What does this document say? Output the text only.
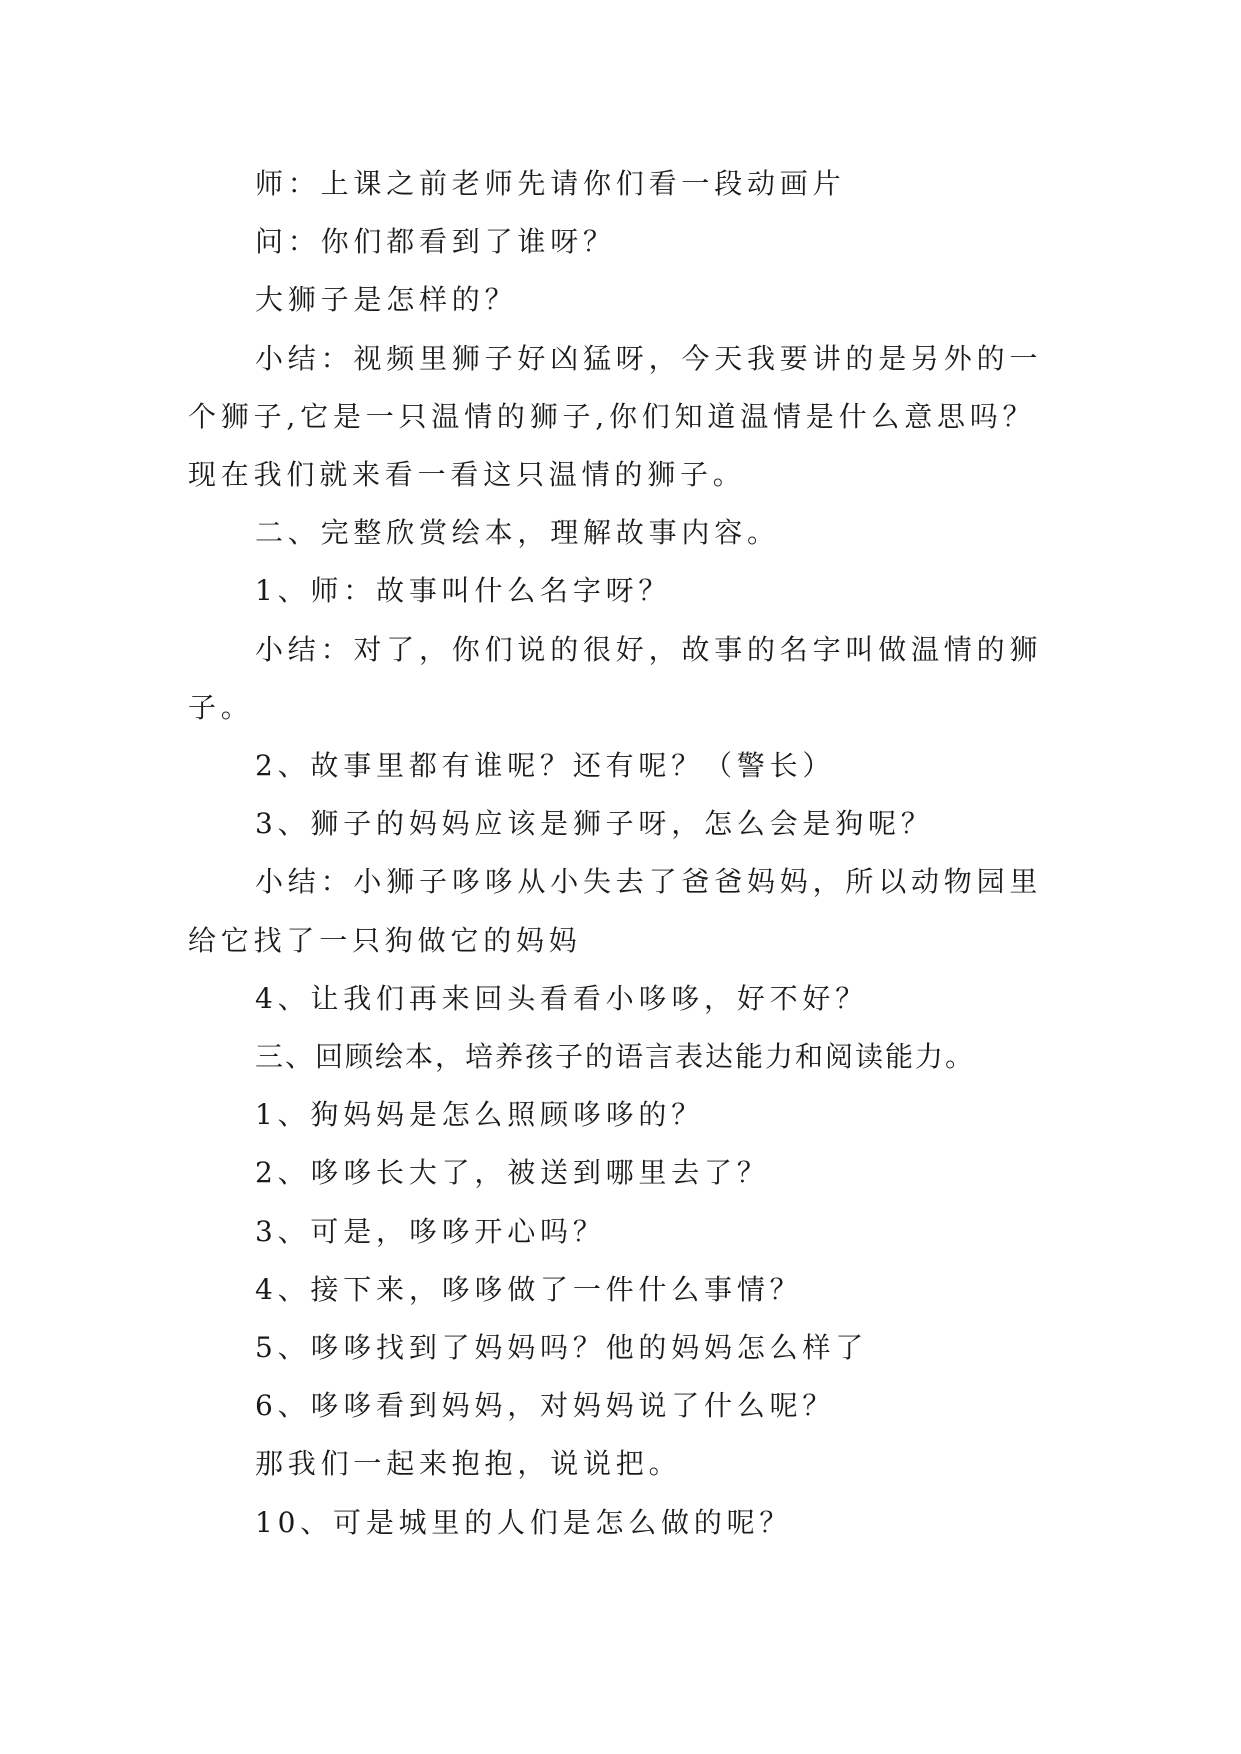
师：上课之前老师先请你们看一段动画片

问：你们都看到了谁呀？

大狮子是怎样的？

小结：视频里狮子好凶猛呀，今天我要讲的是另外的一个狮子,它是一只温情的狮子,你们知道温情是什么意思吗？现在我们就来看一看这只温情的狮子。

二、完整欣赏绘本，理解故事内容。

1、师：故事叫什么名字呀？

小结：对了，你们说的很好，故事的名字叫做温情的狮子。

2、故事里都有谁呢？还有呢？（警长）

3、狮子的妈妈应该是狮子呀，怎么会是狗呢？

小结：小狮子哆哆从小失去了爸爸妈妈，所以动物园里给它找了一只狗做它的妈妈

4、让我们再来回头看看小哆哆，好不好？

三、回顾绘本，培养孩子的语言表达能力和阅读能力。

1、狗妈妈是怎么照顾哆哆的？

2、哆哆长大了，被送到哪里去了？

3、可是，哆哆开心吗？

4、接下来，哆哆做了一件什么事情？

5、哆哆找到了妈妈吗？他的妈妈怎么样了

6、哆哆看到妈妈，对妈妈说了什么呢？

那我们一起来抱抱，说说把。

10、可是城里的人们是怎么做的呢？
